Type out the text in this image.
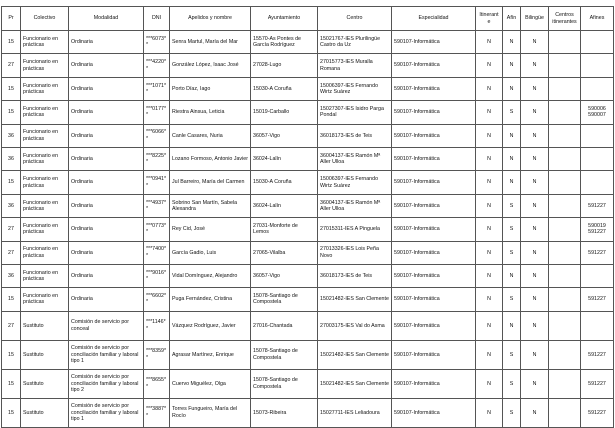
Pr	Colectivo	Modalidad	DNI	Apelidos y nombre	Ayuntamiento	Centro	Especialidad	Itinerante	Afín	Bilingüe	Centros itinerantes	Afines
15	Funcionario en prácticas	Ordinaria	***6073**	Senra Martul, María del Mar	15570-As Pontes de García Rodríguez	15021767-IES Plurilingüe Castro da Uz	590107-Informática	N	N	N		
27	Funcionario en prácticas	Ordinaria	***4220**	González López, Isaac José	27028-Lugo	27015773-IES Muralla Romana	590107-Informática	N	N	N		
15	Funcionario en prácticas	Ordinaria	***1071**	Porto Díaz, Iago	15030-A Coruña	15006397-IES Fernando Wirtz Suárez	590107-Informática	N	N	N		
15	Funcionario en prácticas	Ordinaria	***0177**	Riestra Ainsua, Leticia	15019-Carballo	15027307-IES Isidro Parga Pondal	590107-Informática	N	S	N		590006 590007
36	Funcionario en prácticas	Ordinaria	***6066**	Canle Casares, Nuria	36057-Vigo	36018173-IES de Teis	590107-Informática	N	N	N		
36	Funcionario en prácticas	Ordinaria	***8225**	Lozano Formoso, Antonio Javier	36024-Lalín	36004137-IES Ramón Mª Aller Ulloa	590107-Informática	N	N	N		
15	Funcionario en prácticas	Ordinaria	***0941**	Jul Barreiro, María del Carmen	15030-A Coruña	15006397-IES Fernando Wirtz Suárez	590107-Informática	N	N	N		
36	Funcionario en prácticas	Ordinaria	***4937**	Sobrino San Martín, Sabela Alexandra	36024-Lalín	36004137-IES Ramón Mª Aller Ulloa	590107-Informática	N	S	N		591227
27	Funcionario en prácticas	Ordinaria	***0773**	Rey Cid, José	27031-Monforte de Lemos	27015311-IES A Pinguela	590107-Informática	N	S	N		590019 591227
27	Funcionario en prácticas	Ordinaria	***7400**	García Gadio, Luis	27065-Vilalba	27013326-IES Lois Peña Novo	590107-Informática	N	S	N		591227
36	Funcionario en prácticas	Ordinaria	***9016**	Vidal Domínguez, Alejandro	36057-Vigo	36018173-IES de Teis	590107-Informática	N	N	N		
15	Funcionario en prácticas	Ordinaria	***6602**	Puga Fernández, Cristina	15078-Santiago de Compostela	15021482-IES San Clemente	590107-Informática	N	S	N		591227
27	Sustituto	Comisión de servicio por conceal	***1146**	Vázquez Rodríguez, Javier	27016-Chantada	27003175-IES Val do Asma	590107-Informática	N	N	N		
15	Sustituto	Comisión de servicio por conciliación familiar y laboral tipo 1	***8359**	Agrasar Martínez, Enrique	15078-Santiago de Compostela	15021482-IES San Clemente	590107-Informática	N	S	N		591227
15	Sustituto	Comisión de servicio por conciliación familiar y laboral tipo 2	***8655**	Cuervo Miguélez, Olga	15078-Santiago de Compostela	15021482-IES San Clemente	590107-Informática	N	S	N		591227
15	Sustituto	Comisión de servicio por conciliación familiar y laboral tipo 1	***3887**	Torres Fungueiro, María del Rocío	15073-Ribeira	15027711-IES Leliadoura	590107-Informática	N	S	N		591227
